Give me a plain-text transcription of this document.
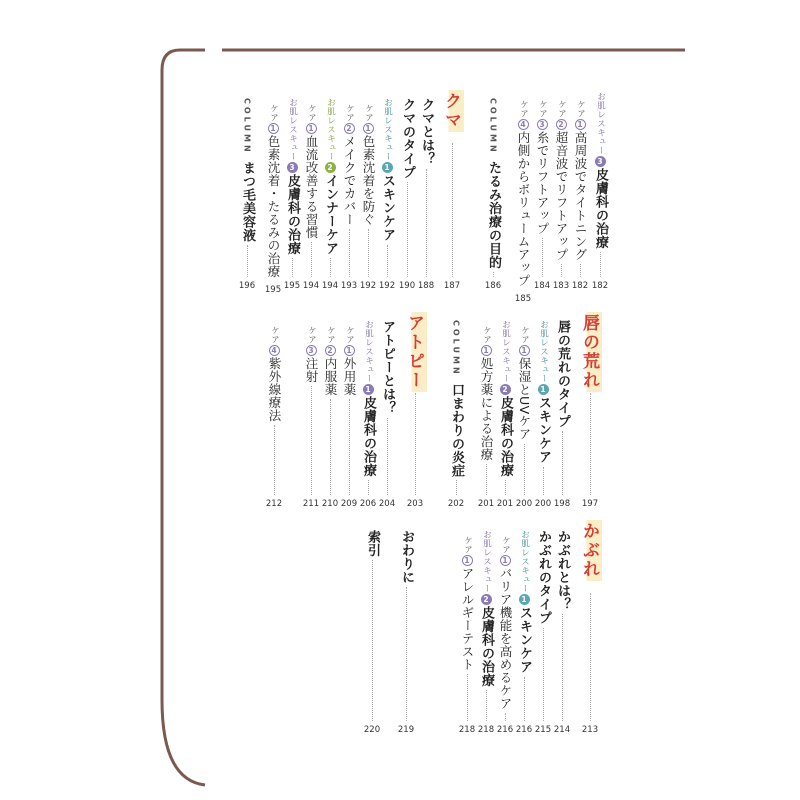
お肌レスキュー
3
皮膚科の治療
182
ケア
1
高周波でタイトニング
182
ケア
2
超音波でリフトアップ
183
ケア
3
糸でリフトアップ
184
ケア
4
内側からボリュームアップ
185
COLUMN
たるみ治療の目的
186
クマ
187
クマとは？
188
クマのタイプ
190
お肌レスキュー
1
スキンケア
192
ケア
1
色素沈着を防ぐ
192
ケア
2
メイクでカバー
193
お肌レスキュー
2
インナーケア
194
ケア
1
血流改善する習慣
194
お肌レスキュー
3
皮膚科の治療
195
ケア
1
色素沈着・たるみの治療
195
COLUMN
まつ毛美容液
196
唇の荒れ
197
唇の荒れのタイプ
198
お肌レスキュー
1
スキンケア
200
ケア
1
保湿とUVケア
200
お肌レスキュー
2
皮膚科の治療
201
ケア
1
処方薬による治療
201
COLUMN
口まわりの炎症
202
アトピー
203
アトピーとは？
204
お肌レスキュー
1
皮膚科の治療
206
ケア
1
外用薬
209
ケア
2
内服薬
210
ケア
3
注射
211
ケア
4
紫外線療法
212
かぶれ
213
かぶれとは？
214
かぶれのタイプ
215
お肌レスキュー
1
スキンケア
216
ケア
1
バリア機能を高めるケア
216
お肌レスキュー
2
皮膚科の治療
218
ケア
1
アレルギーテスト
218
おわりに
219
索引
220
